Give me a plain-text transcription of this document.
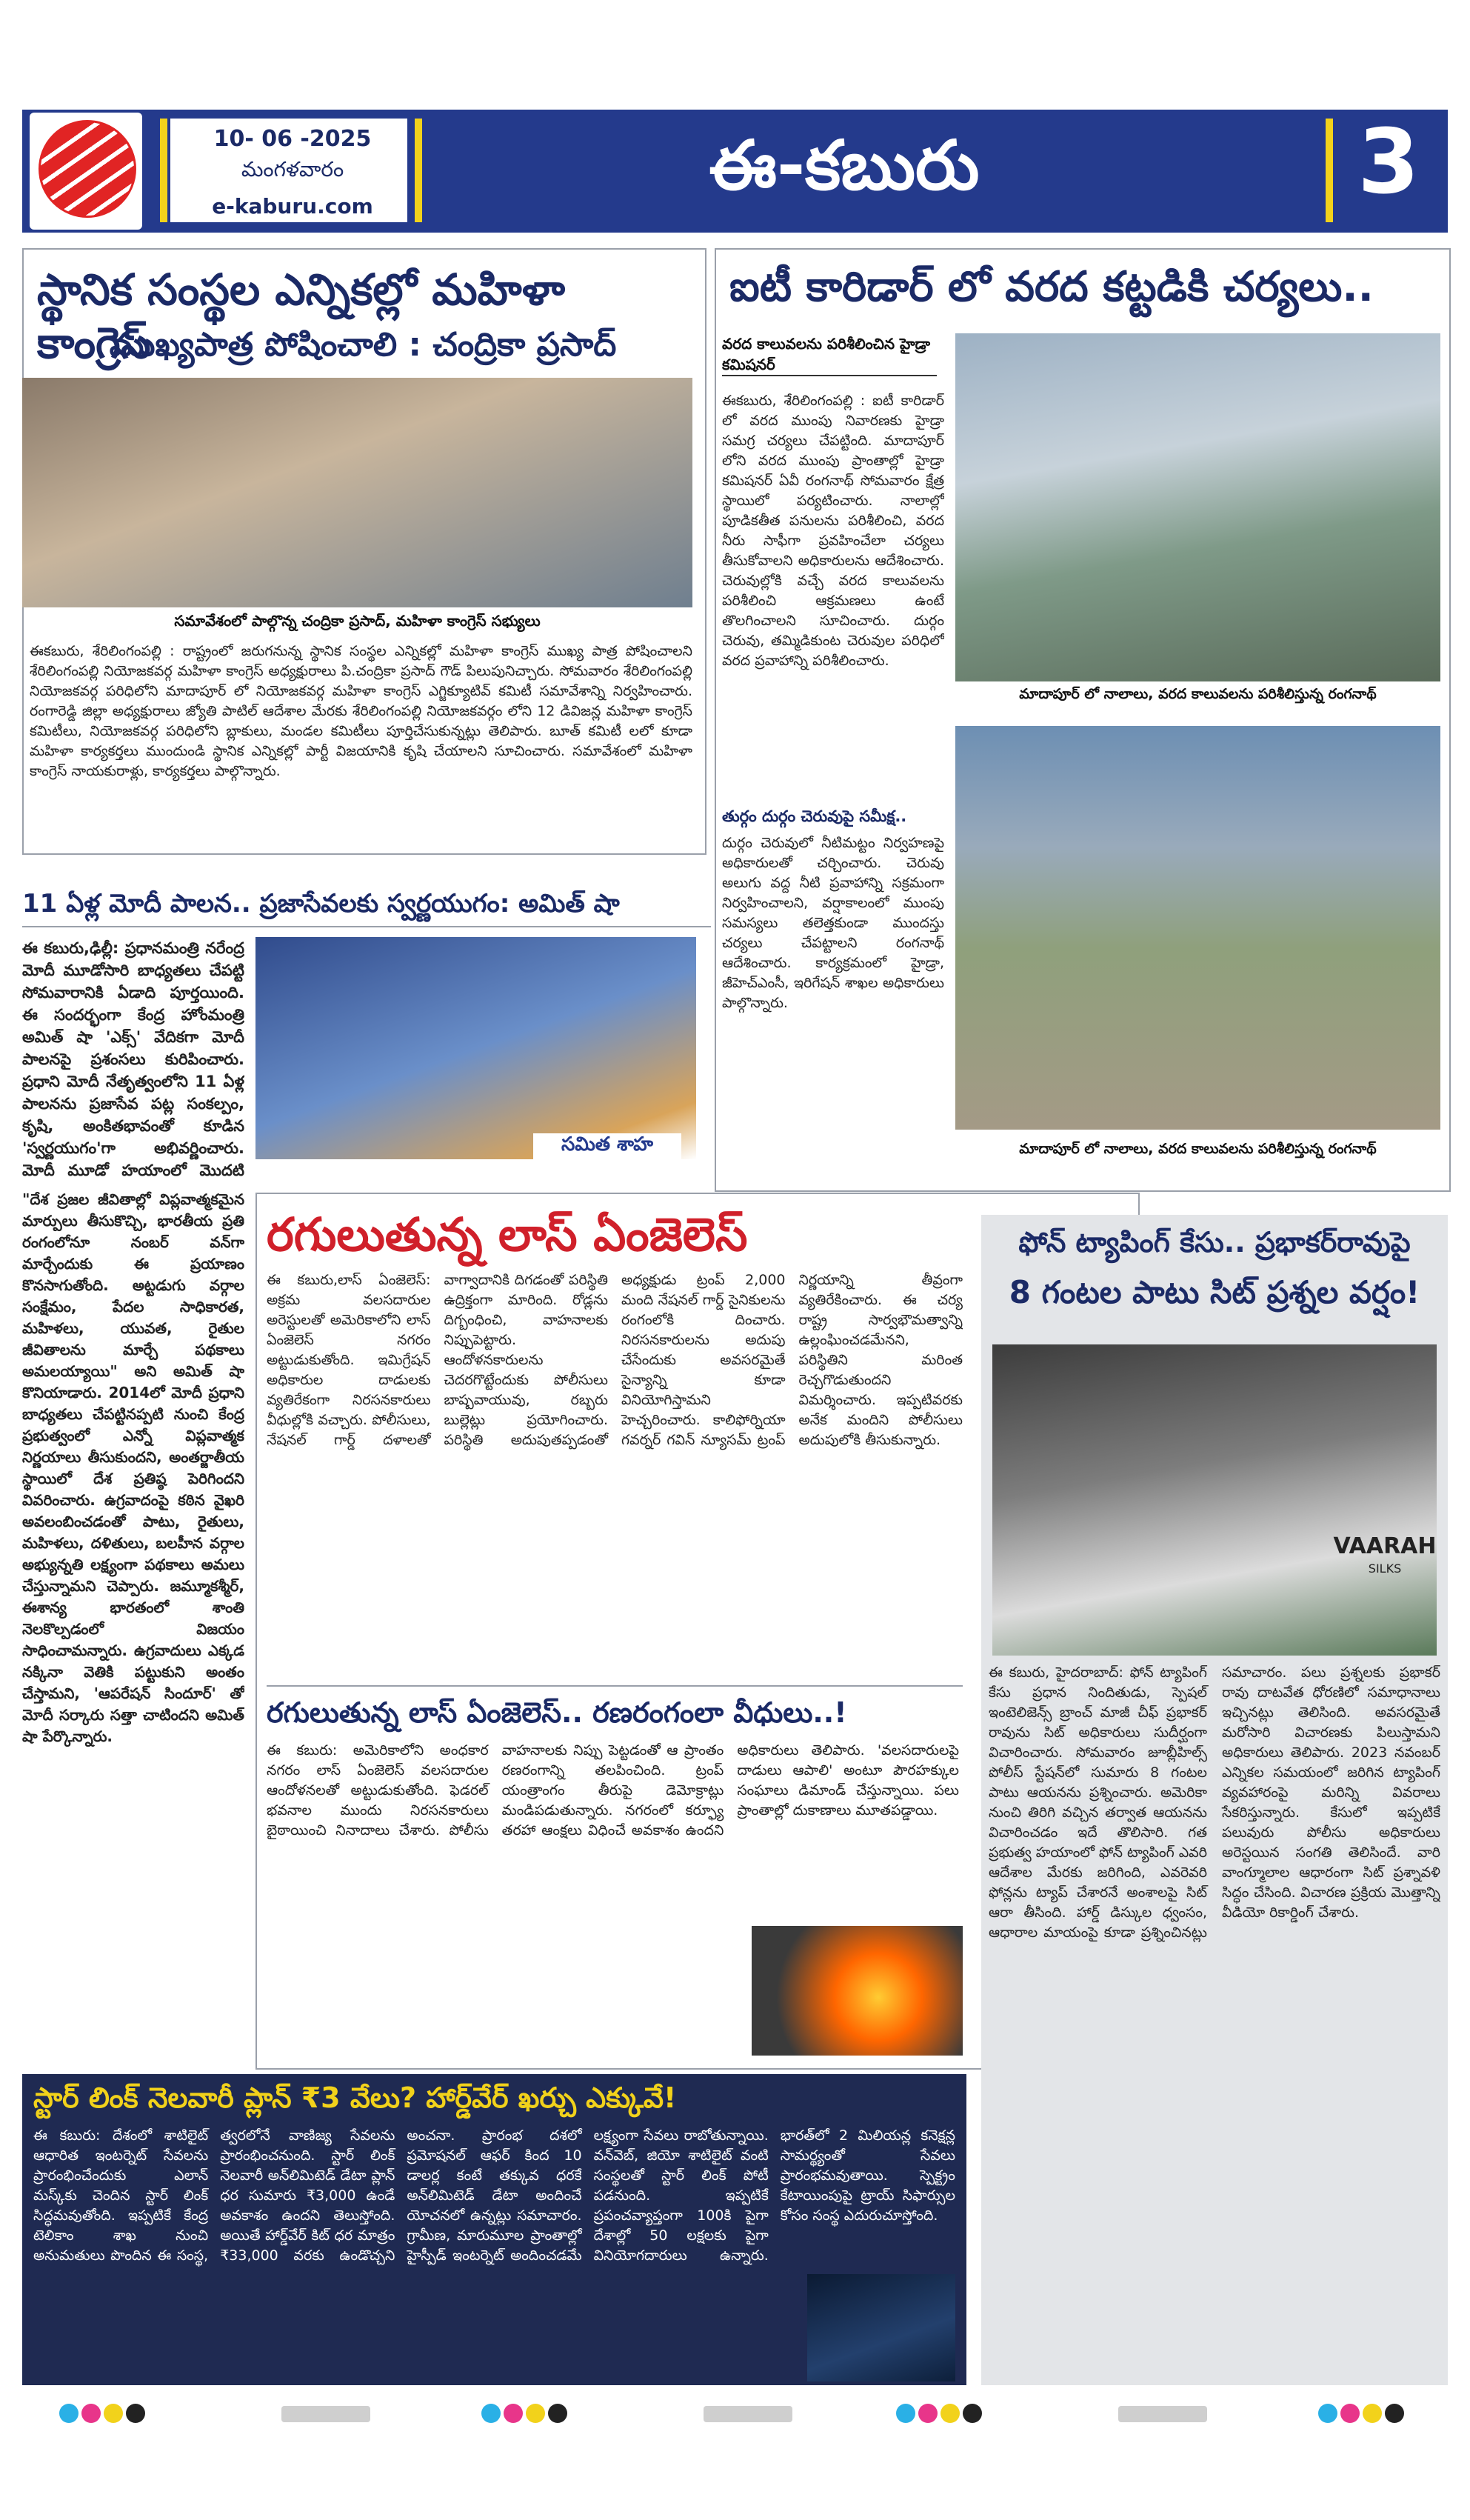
10- 06 -2025
మంగళవారం
e-kaburu.com
ఈ-కబురు	3
స్థానిక సంస్థల ఎన్నికల్లో మహిళా కాంగ్రెస్
ముఖ్యపాత్ర పోషించాలి : చంద్రికా ప్రసాద్
సమావేశంలో పాల్గొన్న చంద్రికా ప్రసాద్, మహిళా కాంగ్రెస్ సభ్యులు
ఈకబురు, శేరిలింగంపల్లి : రాష్ట్రంలో జరుగనున్న స్థానిక సంస్థల ఎన్నికల్లో మహిళా కాంగ్రెస్ ముఖ్య పాత్ర పోషించాలని శేరిలింగంపల్లి నియోజకవర్గ మహిళా కాంగ్రెస్ అధ్యక్షురాలు పి.చంద్రికా ప్రసాద్ గౌడ్ పిలుపునిచ్చారు. సోమవారం శేరిలింగంపల్లి నియోజకవర్గ పరిధిలోని మాదాపూర్ లో నియోజకవర్గ మహిళా కాంగ్రెస్ ఎగ్జిక్యూటివ్ కమిటీ సమావేశాన్ని నిర్వహించారు. రంగారెడ్డి జిల్లా అధ్యక్షురాలు జ్యోతి పాటిల్ ఆదేశాల మేరకు శేరిలింగంపల్లి నియోజకవర్గం లోని 12 డివిజన్ల మహిళా కాంగ్రెస్ కమిటీలు, నియోజకవర్గ పరిధిలోని బ్లాకులు, మండల కమిటీలు పూర్తిచేసుకున్నట్లు తెలిపారు. బూత్ కమిటీ లలో కూడా మహిళా కార్యకర్తలు ముందుండి స్థానిక ఎన్నికల్లో పార్టీ విజయానికి కృషి చేయాలని సూచించారు. సమావేశంలో మహిళా కాంగ్రెస్ నాయకురాళ్లు, కార్యకర్తలు పాల్గొన్నారు.
ఐటీ కారిడార్ లో వరద కట్టడికి చర్యలు..
వరద కాలువలను పరిశీలించిన హైడ్రా కమిషనర్
ఈకబురు, శేరిలింగంపల్లి : ఐటీ కారిడార్ లో వరద ముంపు నివారణకు హైడ్రా సమగ్ర చర్యలు చేపట్టింది. మాదాపూర్ లోని వరద ముంపు ప్రాంతాల్లో హైడ్రా కమిషనర్ ఏవీ రంగనాథ్ సోమవారం క్షేత్ర స్థాయిలో పర్యటించారు. నాలాల్లో పూడికతీత పనులను పరిశీలించి, వరద నీరు సాఫీగా ప్రవహించేలా చర్యలు తీసుకోవాలని అధికారులను ఆదేశించారు. చెరువుల్లోకి వచ్చే వరద కాలువలను పరిశీలించి ఆక్రమణలు ఉంటే తొలగించాలని సూచించారు. దుర్గం చెరువు, తమ్మిడికుంట చెరువుల పరిధిలో వరద ప్రవాహాన్ని పరిశీలించారు.
తుర్గం దుర్గం చెరువుపై సమీక్ష..
దుర్గం చెరువులో నీటిమట్టం నిర్వహణపై అధికారులతో చర్చించారు. చెరువు అలుగు వద్ద నీటి ప్రవాహాన్ని సక్రమంగా నిర్వహించాలని, వర్షాకాలంలో ముంపు సమస్యలు తలెత్తకుండా ముందస్తు చర్యలు చేపట్టాలని రంగనాథ్ ఆదేశించారు. కార్యక్రమంలో హైడ్రా, జీహెచ్ఎంసీ, ఇరిగేషన్ శాఖల అధికారులు పాల్గొన్నారు.
మాదాపూర్ లో నాలాలు, వరద కాలువలను పరిశీలిస్తున్న రంగనాథ్
మాదాపూర్ లో నాలాలు, వరద కాలువలను పరిశీలిస్తున్న రంగనాథ్
11 ఏళ్ల మోదీ పాలన.. ప్రజాసేవలకు స్వర్ణయుగం: అమిత్ షా
ఈ కబురు,ఢిల్లీ: ప్రధానమంత్రి నరేంద్ర మోదీ మూడోసారి బాధ్యతలు చేపట్టి సోమవారానికి ఏడాది పూర్తయింది. ఈ సందర్భంగా కేంద్ర హోంమంత్రి అమిత్ షా 'ఎక్స్' వేదికగా మోదీ పాలనపై ప్రశంసలు కురిపించారు. ప్రధాని మోదీ నేతృత్వంలోని 11 ఏళ్ల పాలనను ప్రజాసేవ పట్ల సంకల్పం, కృషి, అంకితభావంతో కూడిన 'స్వర్ణయుగం'గా అభివర్ణించారు. మోదీ మూడో హయాంలో మొదటి
సమిత శాహ
"దేశ ప్రజల జీవితాల్లో విప్లవాత్మకమైన మార్పులు తీసుకొచ్చి, భారతీయ ప్రతి రంగంలోనూ నంబర్ వన్‌గా మార్చేందుకు ఈ ప్రయాణం కొనసాగుతోంది. అట్టడుగు వర్గాల సంక్షేమం, పేదల సాధికారత, మహిళలు, యువత, రైతుల జీవితాలను మార్చే పథకాలు అమలయ్యాయి" అని అమిత్ షా కొనియాడారు. 2014లో మోదీ ప్రధాని బాధ్యతలు చేపట్టినప్పటి నుంచి కేంద్ర ప్రభుత్వంలో ఎన్నో విప్లవాత్మక నిర్ణయాలు తీసుకుందని, అంతర్జాతీయ స్థాయిలో దేశ ప్రతిష్ఠ పెరిగిందని వివరించారు. ఉగ్రవాదంపై కఠిన వైఖరి అవలంబించడంతో పాటు, రైతులు, మహిళలు, దళితులు, బలహీన వర్గాల అభ్యున్నతి లక్ష్యంగా పథకాలు అమలు చేస్తున్నామని చెప్పారు. జమ్మూకశ్మీర్, ఈశాన్య భారతంలో శాంతి నెలకొల్పడంలో విజయం సాధించామన్నారు. ఉగ్రవాదులు ఎక్కడ నక్కినా వెతికి పట్టుకుని అంతం చేస్తామని, 'ఆపరేషన్ సిందూర్' తో మోదీ సర్కారు సత్తా చాటిందని అమిత్ షా పేర్కొన్నారు.
రగులుతున్న లాస్ ఏంజెలెస్
ఈ కబురు,లాస్ ఏంజెలెస్: అక్రమ వలసదారుల అరెస్టులతో అమెరికాలోని లాస్ ఏంజెలెస్ నగరం అట్టుడుకుతోంది. ఇమిగ్రేషన్ అధికారుల దాడులకు వ్యతిరేకంగా నిరసనకారులు వీధుల్లోకి వచ్చారు. పోలీసులు, నేషనల్ గార్డ్ దళాలతో వాగ్వాదానికి దిగడంతో పరిస్థితి ఉద్రిక్తంగా మారింది. రోడ్లను దిగ్బంధించి, వాహనాలకు నిప్పుపెట్టారు. ఆందోళనకారులను చెదరగొట్టేందుకు పోలీసులు బాష్పవాయువు, రబ్బరు బుల్లెట్లు ప్రయోగించారు. పరిస్థితి అదుపుతప్పడంతో అధ్యక్షుడు ట్రంప్ 2,000 మంది నేషనల్ గార్డ్ సైనికులను రంగంలోకి దించారు. నిరసనకారులను అదుపు చేసేందుకు అవసరమైతే సైన్యాన్ని కూడా వినియోగిస్తామని హెచ్చరించారు. కాలిఫోర్నియా గవర్నర్ గవిన్ న్యూసమ్ ట్రంప్ నిర్ణయాన్ని తీవ్రంగా వ్యతిరేకించారు. ఈ చర్య రాష్ట్ర సార్వభౌమత్వాన్ని ఉల్లంఘించడమేనని, పరిస్థితిని మరింత రెచ్చగొడుతుందని విమర్శించారు. ఇప్పటివరకు అనేక మందిని పోలీసులు అదుపులోకి తీసుకున్నారు.
రగులుతున్న లాస్ ఏంజెలెస్.. రణరంగంలా వీధులు..!
ఈ కబురు: అమెరికాలోని అంధకార నగరం లాస్ ఏంజెలెస్ వలసదారుల ఆందోళనలతో అట్టుడుకుతోంది. ఫెడరల్ భవనాల ముందు నిరసనకారులు బైఠాయించి నినాదాలు చేశారు. పోలీసు వాహనాలకు నిప్పు పెట్టడంతో ఆ ప్రాంతం రణరంగాన్ని తలపించింది. ట్రంప్ యంత్రాంగం తీరుపై డెమోక్రాట్లు మండిపడుతున్నారు. నగరంలో కర్ఫ్యూ తరహా ఆంక్షలు విధించే అవకాశం ఉందని అధికారులు తెలిపారు. 'వలసదారులపై దాడులు ఆపాలి' అంటూ పౌరహక్కుల సంఘాలు డిమాండ్ చేస్తున్నాయి. పలు ప్రాంతాల్లో దుకాణాలు మూతపడ్డాయి.
ఫోన్ ట్యాపింగ్ కేసు.. ప్రభాకర్‌రావుపై
8 గంటల పాటు సిట్ ప్రశ్నల వర్షం!
VAARAH
SILKS
ఈ కబురు, హైదరాబాద్: ఫోన్ ట్యాపింగ్ కేసు ప్రధాన నిందితుడు, స్పెషల్ ఇంటెలిజెన్స్ బ్రాంచ్ మాజీ చీఫ్ ప్రభాకర్ రావును సిట్ అధికారులు సుదీర్ఘంగా విచారించారు. సోమవారం జూబ్లీహిల్స్ పోలీస్ స్టేషన్‌లో సుమారు 8 గంటల పాటు ఆయనను ప్రశ్నించారు. అమెరికా నుంచి తిరిగి వచ్చిన తర్వాత ఆయనను విచారించడం ఇదే తొలిసారి. గత ప్రభుత్వ హయాంలో ఫోన్ ట్యాపింగ్ ఎవరి ఆదేశాల మేరకు జరిగింది, ఎవరెవరి ఫోన్లను ట్యాప్ చేశారనే అంశాలపై సిట్ ఆరా తీసింది. హార్డ్ డిస్కుల ధ్వంసం, ఆధారాల మాయంపై కూడా ప్రశ్నించినట్లు సమాచారం. పలు ప్రశ్నలకు ప్రభాకర్ రావు దాటవేత ధోరణిలో సమాధానాలు ఇచ్చినట్లు తెలిసింది. అవసరమైతే మరోసారి విచారణకు పిలుస్తామని అధికారులు తెలిపారు. 2023 నవంబర్ ఎన్నికల సమయంలో జరిగిన ట్యాపింగ్ వ్యవహారంపై మరిన్ని వివరాలు సేకరిస్తున్నారు. కేసులో ఇప్పటికే పలువురు పోలీసు అధికారులు అరెస్టయిన సంగతి తెలిసిందే. వారి వాంగ్మూలాల ఆధారంగా సిట్ ప్రశ్నావళి సిద్ధం చేసింది. విచారణ ప్రక్రియ మొత్తాన్ని వీడియో రికార్డింగ్ చేశారు.
స్టార్ లింక్ నెలవారీ ప్లాన్ ₹3 వేలు? హార్డ్‌వేర్ ఖర్చు ఎక్కువే!
ఈ కబురు: దేశంలో శాటిలైట్ ఆధారిత ఇంటర్నెట్ సేవలను ప్రారంభించేందుకు ఎలాన్ మస్క్‌కు చెందిన స్టార్ లింక్ సిద్ధమవుతోంది. ఇప్పటికే కేంద్ర టెలికాం శాఖ నుంచి అనుమతులు పొందిన ఈ సంస్థ, త్వరలోనే వాణిజ్య సేవలను ప్రారంభించనుంది. స్టార్ లింక్ నెలవారీ అన్‌లిమిటెడ్ డేటా ప్లాన్ ధర సుమారు ₹3,000 ఉండే అవకాశం ఉందని తెలుస్తోంది. అయితే హార్డ్‌వేర్ కిట్ ధర మాత్రం ₹33,000 వరకు ఉండొచ్చని అంచనా. ప్రారంభ దశలో ప్రమోషనల్ ఆఫర్ కింద 10 డాలర్ల కంటే తక్కువ ధరకే అన్‌లిమిటెడ్ డేటా అందించే యోచనలో ఉన్నట్లు సమాచారం. గ్రామీణ, మారుమూల ప్రాంతాల్లో హైస్పీడ్ ఇంటర్నెట్ అందించడమే లక్ష్యంగా సేవలు రాబోతున్నాయి. వన్‌వెబ్, జియో శాటిలైట్ వంటి సంస్థలతో స్టార్ లింక్ పోటీ పడనుంది. ఇప్పటికే ప్రపంచవ్యాప్తంగా 100కి పైగా దేశాల్లో 50 లక్షలకు పైగా వినియోగదారులు ఉన్నారు. భారత్‌లో 2 మిలియన్ల కనెక్షన్ల సామర్థ్యంతో సేవలు ప్రారంభమవుతాయి. స్పెక్ట్రం కేటాయింపుపై ట్రాయ్ సిఫార్సుల కోసం సంస్థ ఎదురుచూస్తోంది.
